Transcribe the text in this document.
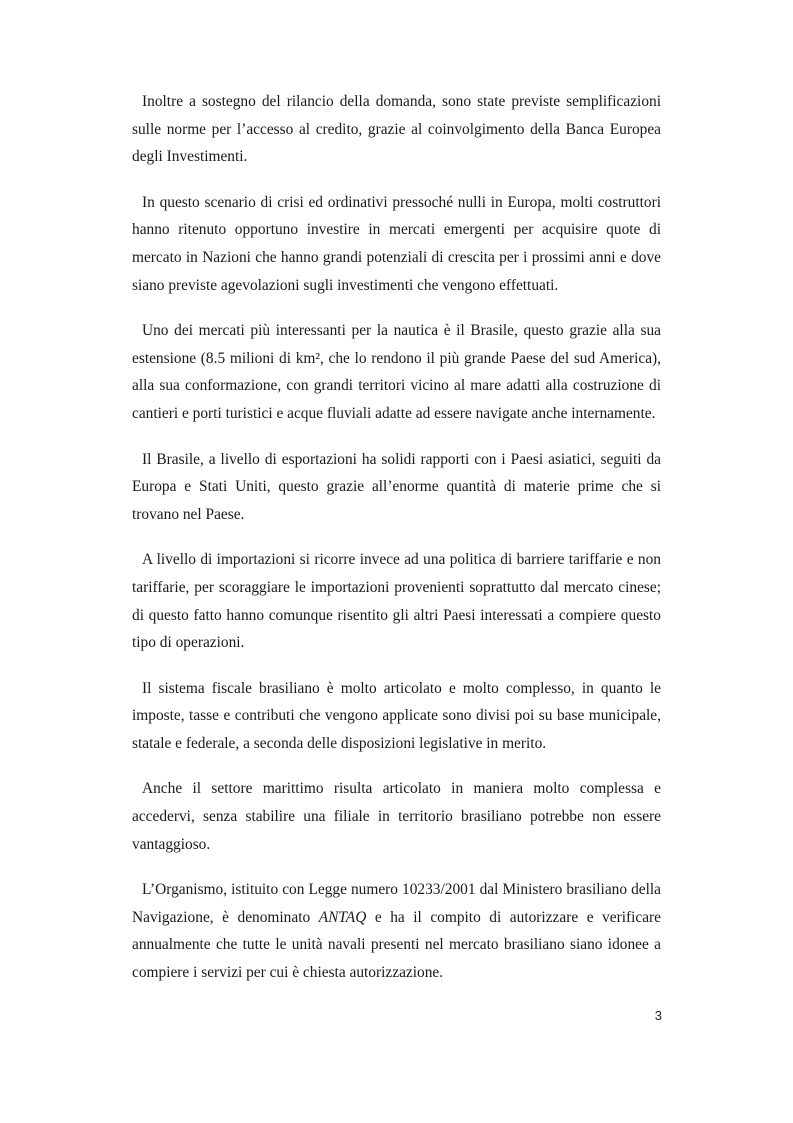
Inoltre a sostegno del rilancio della domanda, sono state previste semplificazioni sulle norme per l’accesso al credito, grazie al coinvolgimento della Banca Europea degli Investimenti.

In questo scenario di crisi ed ordinativi pressoché nulli in Europa, molti costruttori hanno ritenuto opportuno investire in mercati emergenti per acquisire quote di mercato in Nazioni che hanno grandi potenziali di crescita per i prossimi anni e dove siano previste agevolazioni sugli investimenti che vengono effettuati.

Uno dei mercati più interessanti per la nautica è il Brasile, questo grazie alla sua estensione (8.5 milioni di km², che lo rendono il più grande Paese del sud America), alla sua conformazione, con grandi territori vicino al mare adatti alla costruzione di cantieri e porti turistici e acque fluviali adatte ad essere navigate anche internamente.

Il Brasile, a livello di esportazioni ha solidi rapporti con i Paesi asiatici, seguiti da Europa e Stati Uniti, questo grazie all’enorme quantità di materie prime che si trovano nel Paese.

A livello di importazioni si ricorre invece ad una politica di barriere tariffarie e non tariffarie, per scoraggiare le importazioni provenienti soprattutto dal mercato cinese; di questo fatto hanno comunque risentito gli altri Paesi interessati a compiere questo tipo di operazioni.

Il sistema fiscale brasiliano è molto articolato e molto complesso, in quanto le imposte, tasse e contributi che vengono applicate sono divisi poi su base municipale, statale e federale, a seconda delle disposizioni legislative in merito.

Anche il settore marittimo risulta articolato in maniera molto complessa e accedervi, senza stabilire una filiale in territorio brasiliano potrebbe non essere vantaggioso.

L’Organismo, istituito con Legge numero 10233/2001 dal Ministero brasiliano della Navigazione, è denominato ANTAQ e ha il compito di autorizzare e verificare annualmente che tutte le unità navali presenti nel mercato brasiliano siano idonee a compiere i servizi per cui è chiesta autorizzazione.

3
